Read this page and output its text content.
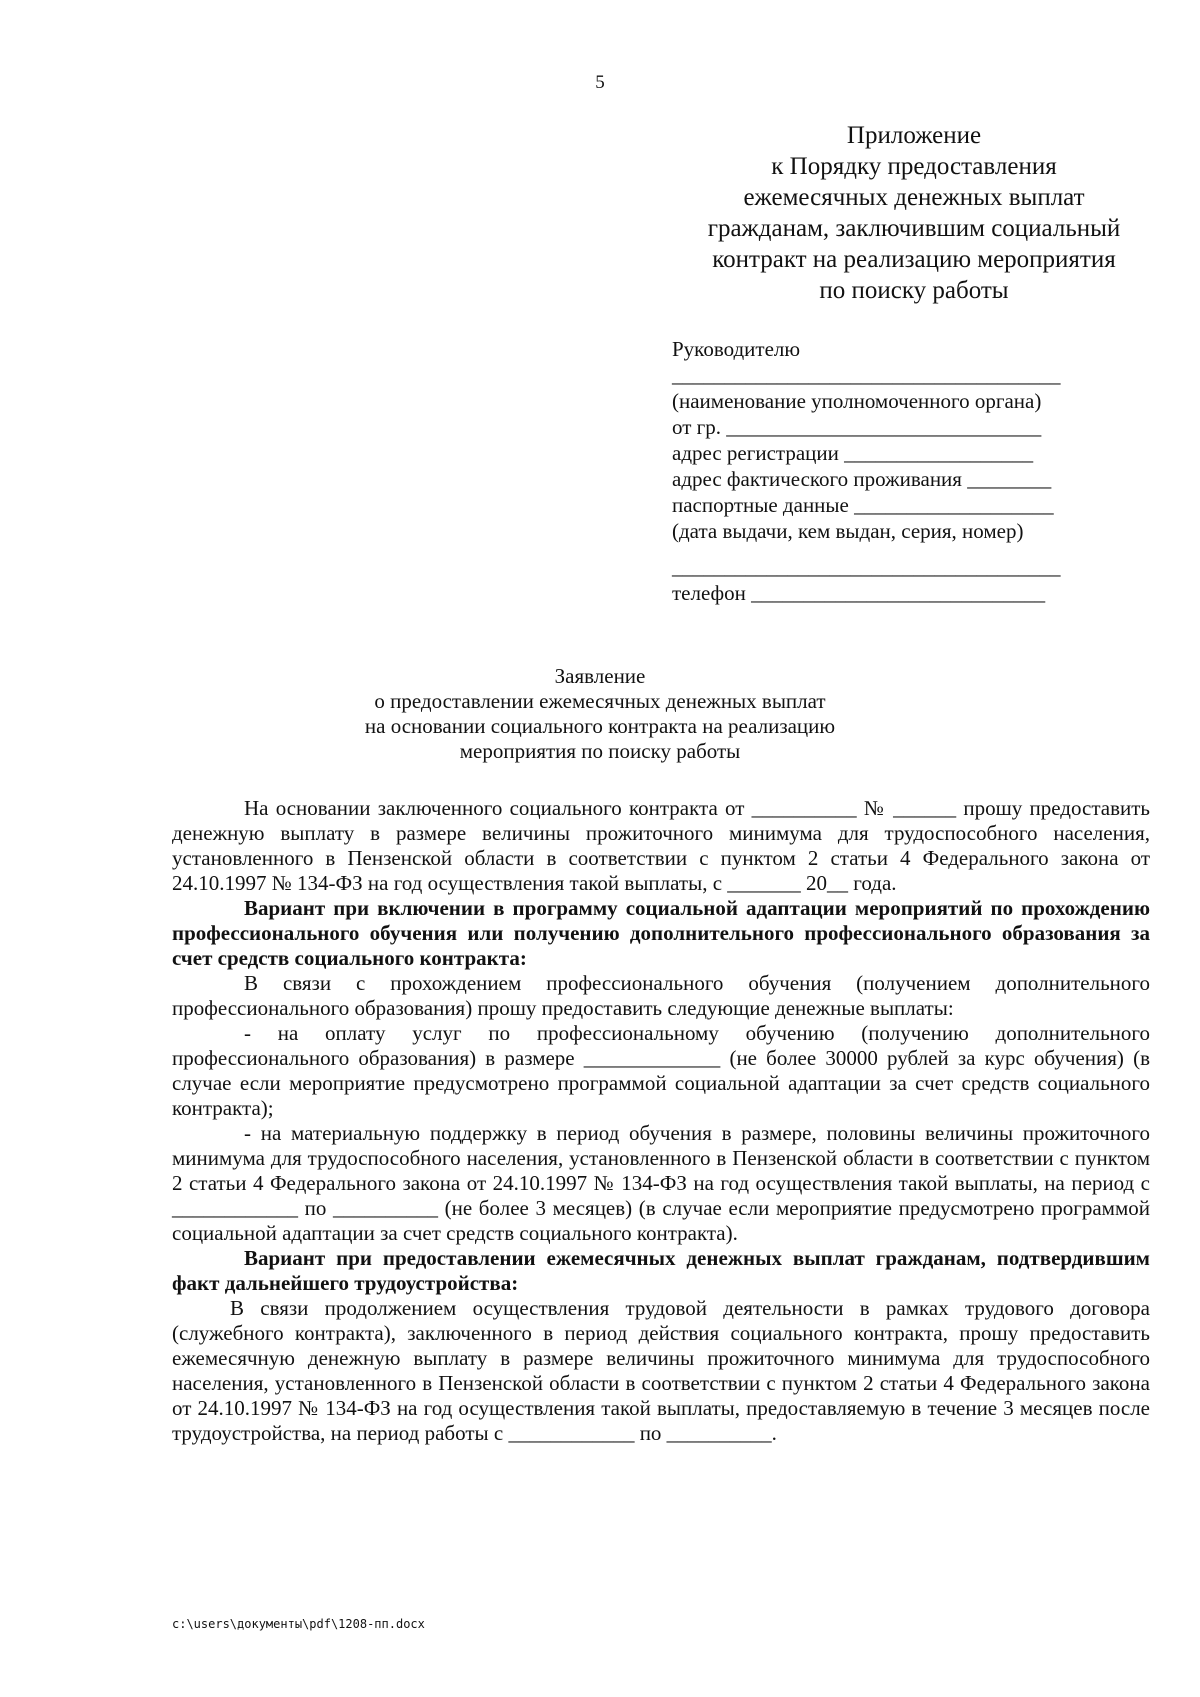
5
Приложение
к Порядку предоставления
ежемесячных денежных выплат
гражданам, заключившим социальный
контракт на реализацию мероприятия
по поиску работы
Руководителю
_____________________________________
(наименование уполномоченного органа)
от гр. ______________________________
адрес регистрации __________________
адрес фактического проживания ________
паспортные данные ___________________
(дата выдачи, кем выдан, серия, номер)
_____________________________________
телефон ____________________________
Заявление
о предоставлении ежемесячных денежных выплат
на основании социального контракта на реализацию
мероприятия по поиску работы

На основании заключенного социального контракта от __________ № ______ прошу предоставить денежную выплату в размере величины прожиточного минимума для трудоспособного населения, установленного в Пензенской области в соответствии с пунктом 2 статьи 4 Федерального закона от 24.10.1997 № 134-ФЗ на год осуществления такой выплаты, с _______ 20__ года.

Вариант при включении в программу социальной адаптации мероприятий по прохождению профессионального обучения или получению дополнительного профессионального образования за счет средств социального контракта:

В связи с прохождением профессионального обучения (получением дополнительного профессионального образования) прошу предоставить следующие денежные выплаты:

- на оплату услуг по профессиональному обучению (получению дополнительного профессионального образования) в размере _____________ (не более 30000 рублей за курс обучения) (в случае если мероприятие предусмотрено программой социальной адаптации за счет средств социального контракта);

- на материальную поддержку в период обучения в размере, половины величины прожиточного минимума для трудоспособного населения, установленного в Пензенской области в соответствии с пунктом 2 статьи 4 Федерального закона от 24.10.1997 № 134-ФЗ на год осуществления такой выплаты, на период с ____________ по __________ (не более 3 месяцев) (в случае если мероприятие предусмотрено программой социальной адаптации за счет средств социального контракта).

Вариант при предоставлении ежемесячных денежных выплат гражданам, подтвердившим факт дальнейшего трудоустройства:

В связи продолжением осуществления трудовой деятельности в рамках трудового договора (служебного контракта), заключенного в период действия социального контракта, прошу предоставить ежемесячную денежную выплату в размере величины прожиточного минимума для трудоспособного населения, установленного в Пензенской области в соответствии с пунктом 2 статьи 4 Федерального закона от 24.10.1997 № 134-ФЗ на год осуществления такой выплаты, предоставляемую в течение 3 месяцев после трудоустройства, на период работы с ____________ по __________.

c:\users\документы\pdf\1208-пп.docx
